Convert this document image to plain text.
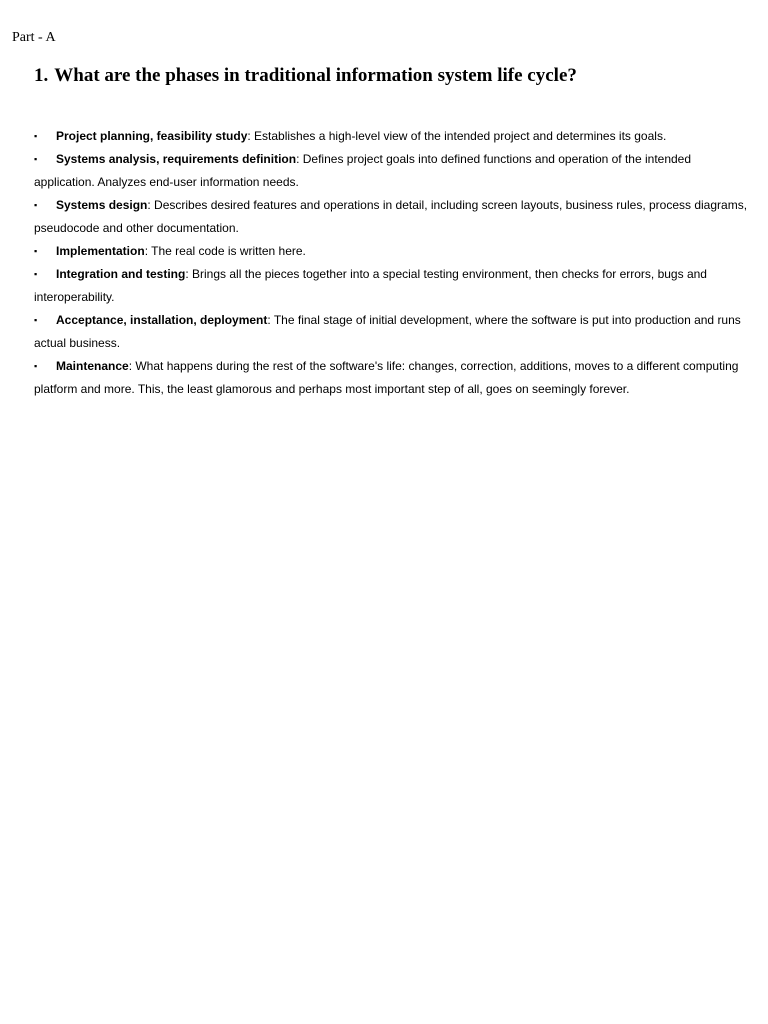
Part - A
1. What are the phases in traditional information system life cycle?
▪ Project planning, feasibility study: Establishes a high-level view of the intended project and determines its goals.
▪ Systems analysis, requirements definition: Defines project goals into defined functions and operation of the intended application. Analyzes end-user information needs.
▪ Systems design: Describes desired features and operations in detail, including screen layouts, business rules, process diagrams, pseudocode and other documentation.
▪ Implementation: The real code is written here.
▪ Integration and testing: Brings all the pieces together into a special testing environment, then checks for errors, bugs and interoperability.
▪ Acceptance, installation, deployment: The final stage of initial development, where the software is put into production and runs actual business.
▪ Maintenance: What happens during the rest of the software's life: changes, correction, additions, moves to a different computing platform and more. This, the least glamorous and perhaps most important step of all, goes on seemingly forever.
